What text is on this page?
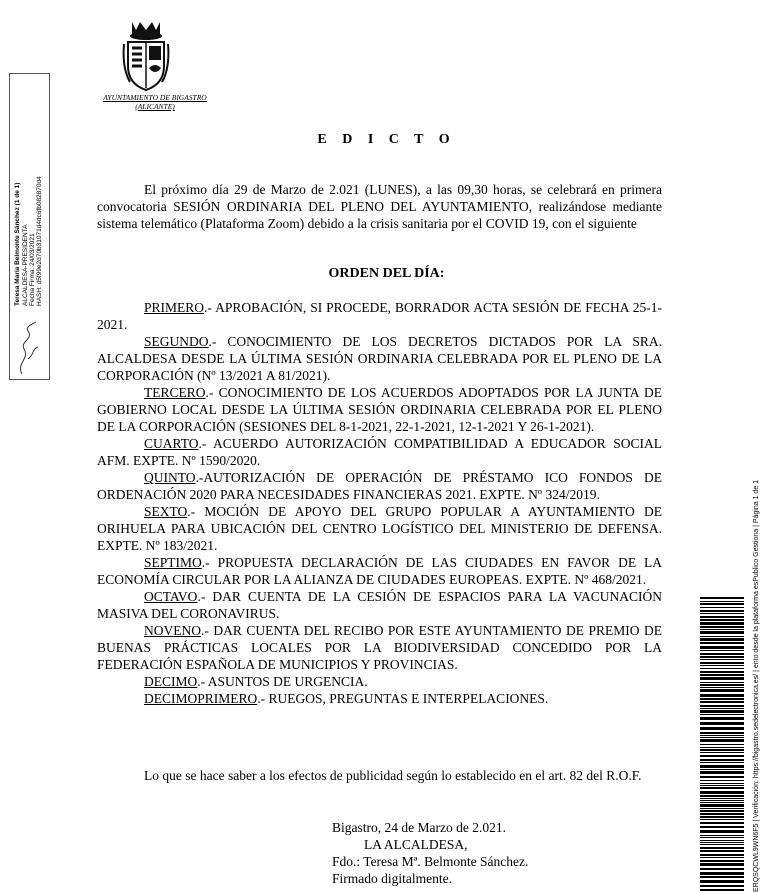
Teresa María Belmonte Sánchez (1 de 1) ALCALDESA-PRESIDENTA Fecha Firma: 24/03/2021 HASH: d5f99e2d70b31071d4dc6fb082870d4
AYUNTAMIENTO DE BIGASTRO
(ALICANTE)
E D I C T O
El próximo día 29 de Marzo de 2.021 (LUNES), a las 09,30 horas, se celebrará en primera convocatoria SESIÓN ORDINARIA DEL PLENO DEL AYUNTAMIENTO, realizándose mediante sistema telemático (Plataforma Zoom) debido a la crisis sanitaria por el COVID 19, con el siguiente
ORDEN DEL DÍA:
PRIMERO.- APROBACIÓN, SI PROCEDE, BORRADOR ACTA SESIÓN DE FECHA 25-1-2021.
SEGUNDO.- CONOCIMIENTO DE LOS DECRETOS DICTADOS POR LA SRA. ALCALDESA DESDE LA ÚLTIMA SESIÓN ORDINARIA CELEBRADA POR EL PLENO DE LA CORPORACIÓN (Nº 13/2021 A 81/2021).
TERCERO.- CONOCIMIENTO DE LOS ACUERDOS ADOPTADOS POR LA JUNTA DE GOBIERNO LOCAL DESDE LA ÚLTIMA SESIÓN ORDINARIA CELEBRADA POR EL PLENO DE LA CORPORACIÓN (SESIONES DEL 8-1-2021, 22-1-2021, 12-1-2021 Y 26-1-2021).
CUARTO.- ACUERDO AUTORIZACIÓN COMPATIBILIDAD A EDUCADOR SOCIAL AFM. EXPTE. Nº 1590/2020.
QUINTO.-AUTORIZACIÓN DE OPERACIÓN DE PRÉSTAMO ICO FONDOS DE ORDENACIÓN 2020 PARA NECESIDADES FINANCIERAS 2021. EXPTE. Nº 324/2019.
SEXTO.- MOCIÓN DE APOYO DEL GRUPO POPULAR A AYUNTAMIENTO DE ORIHUELA PARA UBICACIÓN DEL CENTRO LOGÍSTICO DEL MINISTERIO DE DEFENSA. EXPTE. Nº 183/2021.
SEPTIMO.- PROPUESTA DECLARACIÓN DE LAS CIUDADES EN FAVOR DE LA ECONOMÍA CIRCULAR POR LA ALIANZA DE CIUDADES EUROPEAS. EXPTE. Nº 468/2021.
OCTAVO.- DAR CUENTA DE LA CESIÓN DE ESPACIOS PARA LA VACUNACIÓN MASIVA DEL CORONAVIRUS.
NOVENO.- DAR CUENTA DEL RECIBO POR ESTE AYUNTAMIENTO DE PREMIO DE BUENAS PRÁCTICAS LOCALES POR LA BIODIVERSIDAD CONCEDIDO POR LA FEDERACIÓN ESPAÑOLA DE MUNICIPIOS Y PROVINCIAS.
DECIMO.- ASUNTOS DE URGENCIA.
DECIMOPRIMERO.- RUEGOS, PREGUNTAS E INTERPELACIONES.
Lo que se hace saber a los efectos de publicidad según lo establecido en el art. 82 del R.O.F.
Bigastro, 24 de Marzo de 2.021.
LA ALCALDESA,
Fdo.: Teresa Mª. Belmonte Sánchez.
Firmado digitalmente.	ERQSQCWL9WN6F5 | Verificación: https://bigastro.sedelectronica.es/ | ento desde la plataforma esPublico Gestiona | Página 1 de 1
